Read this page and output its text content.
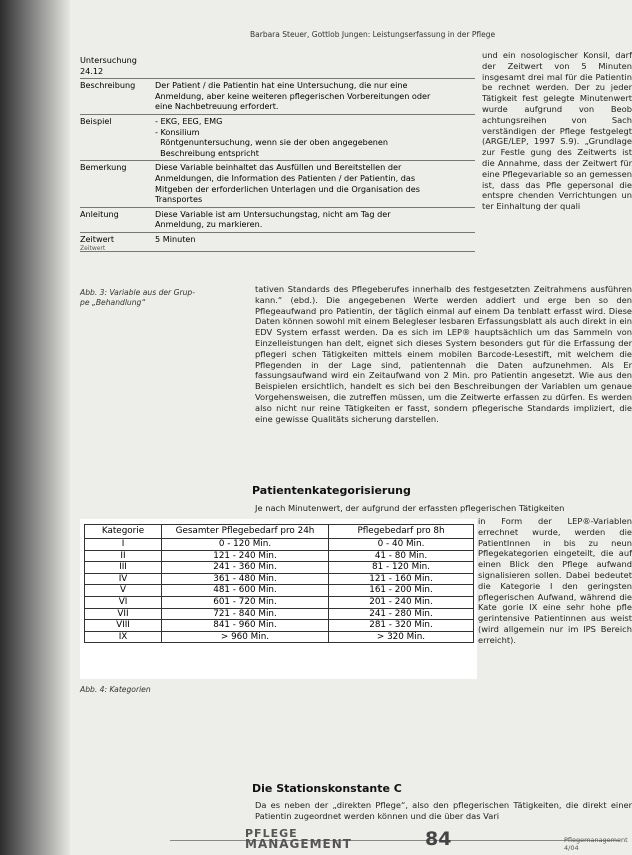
Barbara Steuer, Gottlob Jungen: Leistungserfassung in der Pflege
Untersuchung 24.12

Beschreibung	Der Patient / die Patientin hat eine Untersuchung, die nur eine
Anmeldung, aber keine weiteren pflegerischen Vorbereitungen oder
eine Nachbetreuung erfordert.
Beispiel	- EKG, EEG, EMG
- Konsilium
Röntgenuntersuchung, wenn sie der oben angegebenen
Beschreibung entspricht
Bemerkung	Diese Variable beinhaltet das Ausfüllen und Bereitstellen der
Anmeldungen, die Information des Patienten / der Patientin, das
Mitgeben der erforderlichen Unterlagen und die Organisation des
Transportes
Anleitung	Diese Variable ist am Untersuchungstag, nicht am Tag der
Anmeldung, zu markieren.
Zeitwert	5 Minuten
Zeitwert
Abb. 3: Variable aus der Grup-
pe „Behandlung“
und ein nosologischer Konsil, darf der Zeitwert von 5 Minuten insgesamt drei mal für die Patientin be rechnet werden. Der zu jeder Tätigkeit fest gelegte Minutenwert wurde aufgrund von Beob achtungsreihen von Sach verständigen der Pflege festgelegt (ARGE/LEP, 1997 S.9). „Grundlage zur Festle gung des Zeitwerts ist die Annahme, dass der Zeitwert für eine Pflegevariable so an gemessen ist, dass das Pfle gepersonal die entspre chenden Verrichtungen un ter Einhaltung der quali
tativen Standards des Pflegeberufes innerhalb des festgesetzten Zeitrahmens ausführen kann.“ (ebd.). Die angegebenen Werte werden addiert und erge ben so den Pflegeaufwand pro Patientin, der täglich einmal auf einem Da tenblatt erfasst wird. Diese Daten können sowohl mit einem Belegleser lesbaren Erfassungsblatt als auch direkt in ein EDV System erfasst werden. Da es sich im LEP® hauptsächlich um das Sammeln von Einzelleistungen han delt, eignet sich dieses System besonders gut für die Erfassung der pflegeri schen Tätigkeiten mittels einem mobilen Barcode-Lesestift, mit welchem die Pflegenden in der Lage sind, patientennah die Daten aufzunehmen. Als Er fassungsaufwand wird ein Zeitaufwand von 2 Min. pro Patientin angesetzt. Wie aus den Beispielen ersichtlich, handelt es sich bei den Beschreibungen der Variablen um genaue Vorgehensweisen, die zutreffen müssen, um die Zeitwerte erfassen zu dürfen. Es werden also nicht nur reine Tätigkeiten er fasst, sondern pflegerische Standards impliziert, die eine gewisse Qualitäts sicherung darstellen.
Patientenkategorisierung
Je nach Minutenwert, der aufgrund der erfassten pflegerischen Tätigkeiten
in Form der LEP®-Variablen errechnet wurde, werden die PatientInnen in bis zu neun Pflegekategorien eingeteilt, die auf einen Blick den Pflege aufwand signalisieren sollen. Dabei bedeutet die Kategorie I den geringsten pflegerischen Aufwand, während die Kate gorie IX eine sehr hohe pfle gerintensive Patientinnen aus weist (wird allgemein nur im IPS Bereich erreicht).
Kategorie	Gesamter Pflegebedarf pro 24h	Pflegebedarf pro 8h
I	0 - 120 Min.	0 - 40 Min.
II	121 - 240 Min.	41 - 80 Min.
III	241 - 360 Min.	81 - 120 Min.
IV	361 - 480 Min.	121 - 160 Min.
V	481 - 600 Min.	161 - 200 Min.
VI	601 - 720 Min.	201 - 240 Min.
VII	721 - 840 Min.	241 - 280 Min.
VIII	841 - 960 Min.	281 - 320 Min.
IX	> 960 Min.	> 320 Min.
Abb. 4: Kategorien
Die Stationskonstante C
Da es neben der „direkten Pflege“, also den pflegerischen Tätigkeiten, die direkt einer Patientin zugeordnet werden können und die über das Vari
PFLEGE
MANAGEMENT	84	Pflegemanagement 4/04
